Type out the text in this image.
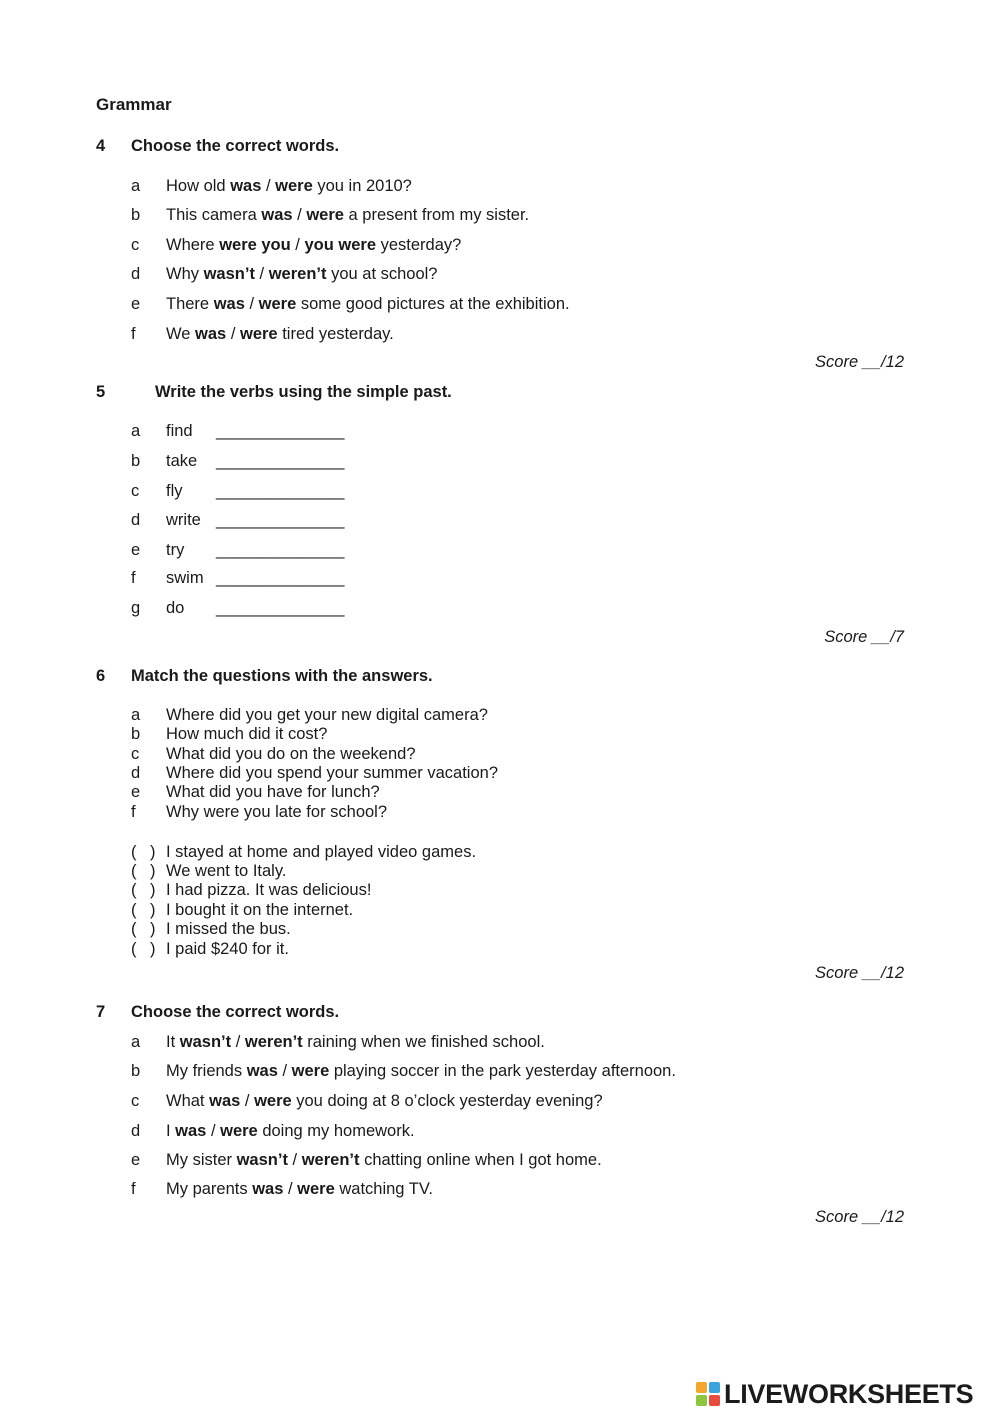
Grammar
4 Choose the correct words.
a How old was / were you in 2010?
b This camera was / were a present from my sister.
c Where were you / you were yesterday?
d Why wasn’t / weren’t you at school?
e There was / were some good pictures at the exhibition.
f We was / were tired yesterday.
Score __/12
5	Write the verbs using the simple past.
a find ______________
b take ______________
c fly ______________
d write ______________
e try ______________
f swim ______________
g do ______________
Score __/7
6 Match the questions with the answers.
a Where did you get your new digital camera?
b How much did it cost?
c What did you do on the weekend?
d Where did you spend your summer vacation?
e What did you have for lunch?
f Why were you late for school?
( ) I stayed at home and played video games.
( ) We went to Italy.
( ) I had pizza. It was delicious!
( ) I bought it on the internet.
( ) I missed the bus.
( ) I paid $240 for it.
Score __/12
7 Choose the correct words.
a It wasn’t / weren’t raining when we finished school.
b My friends was / were playing soccer in the park yesterday afternoon.
c What was / were you doing at 8 o’clock yesterday evening?
d I was / were doing my homework.
e My sister wasn’t / weren’t chatting online when I got home.
f My parents was / were watching TV.
Score __/12
LIVEWORKSHEETS
